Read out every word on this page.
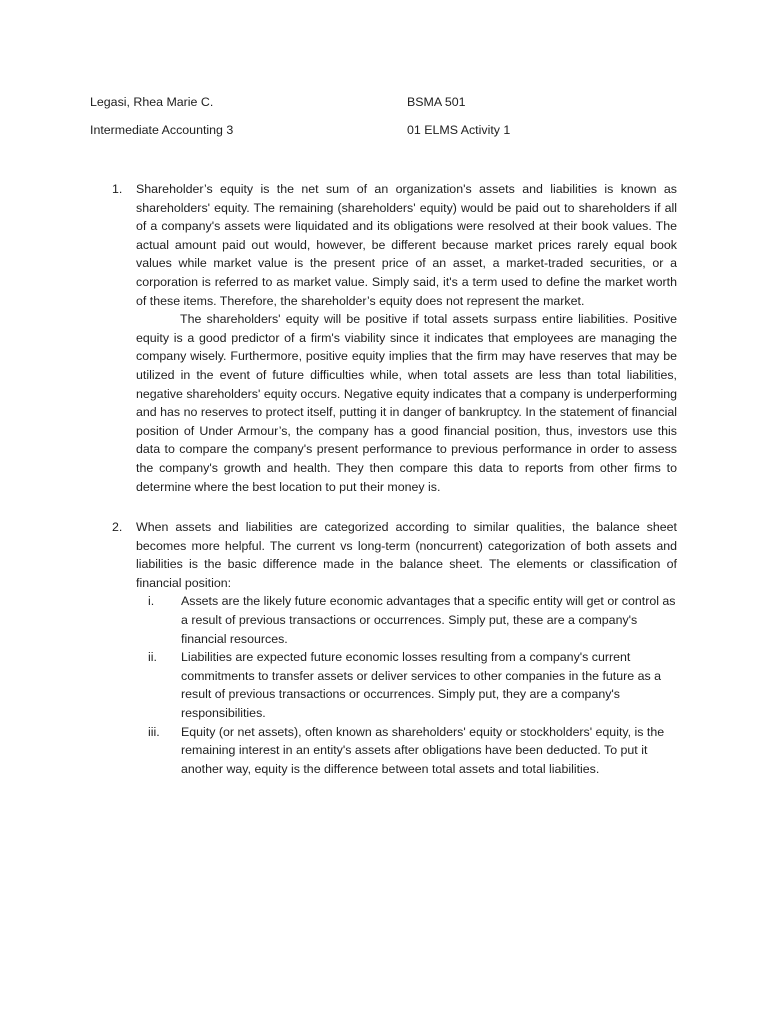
Legasi, Rhea Marie C.	BSMA 501
Intermediate Accounting 3	01 ELMS Activity 1
1. Shareholder’s equity is the net sum of an organization's assets and liabilities is known as shareholders' equity. The remaining (shareholders' equity) would be paid out to shareholders if all of a company's assets were liquidated and its obligations were resolved at their book values. The actual amount paid out would, however, be different because market prices rarely equal book values while market value is the present price of an asset, a market-traded securities, or a corporation is referred to as market value. Simply said, it's a term used to define the market worth of these items. Therefore, the shareholder’s equity does not represent the market.

The shareholders' equity will be positive if total assets surpass entire liabilities. Positive equity is a good predictor of a firm's viability since it indicates that employees are managing the company wisely. Furthermore, positive equity implies that the firm may have reserves that may be utilized in the event of future difficulties while, when total assets are less than total liabilities, negative shareholders' equity occurs. Negative equity indicates that a company is underperforming and has no reserves to protect itself, putting it in danger of bankruptcy. In the statement of financial position of Under Armour’s, the company has a good financial position, thus, investors use this data to compare the company's present performance to previous performance in order to assess the company's growth and health. They then compare this data to reports from other firms to determine where the best location to put their money is.

2. When assets and liabilities are categorized according to similar qualities, the balance sheet becomes more helpful. The current vs long-term (noncurrent) categorization of both assets and liabilities is the basic difference made in the balance sheet. The elements or classification of financial position:

i. Assets are the likely future economic advantages that a specific entity will get or control as a result of previous transactions or occurrences. Simply put, these are a company's financial resources.

ii. Liabilities are expected future economic losses resulting from a company's current commitments to transfer assets or deliver services to other companies in the future as a result of previous transactions or occurrences. Simply put, they are a company's responsibilities.

iii. Equity (or net assets), often known as shareholders' equity or stockholders' equity, is the remaining interest in an entity's assets after obligations have been deducted. To put it another way, equity is the difference between total assets and total liabilities.
